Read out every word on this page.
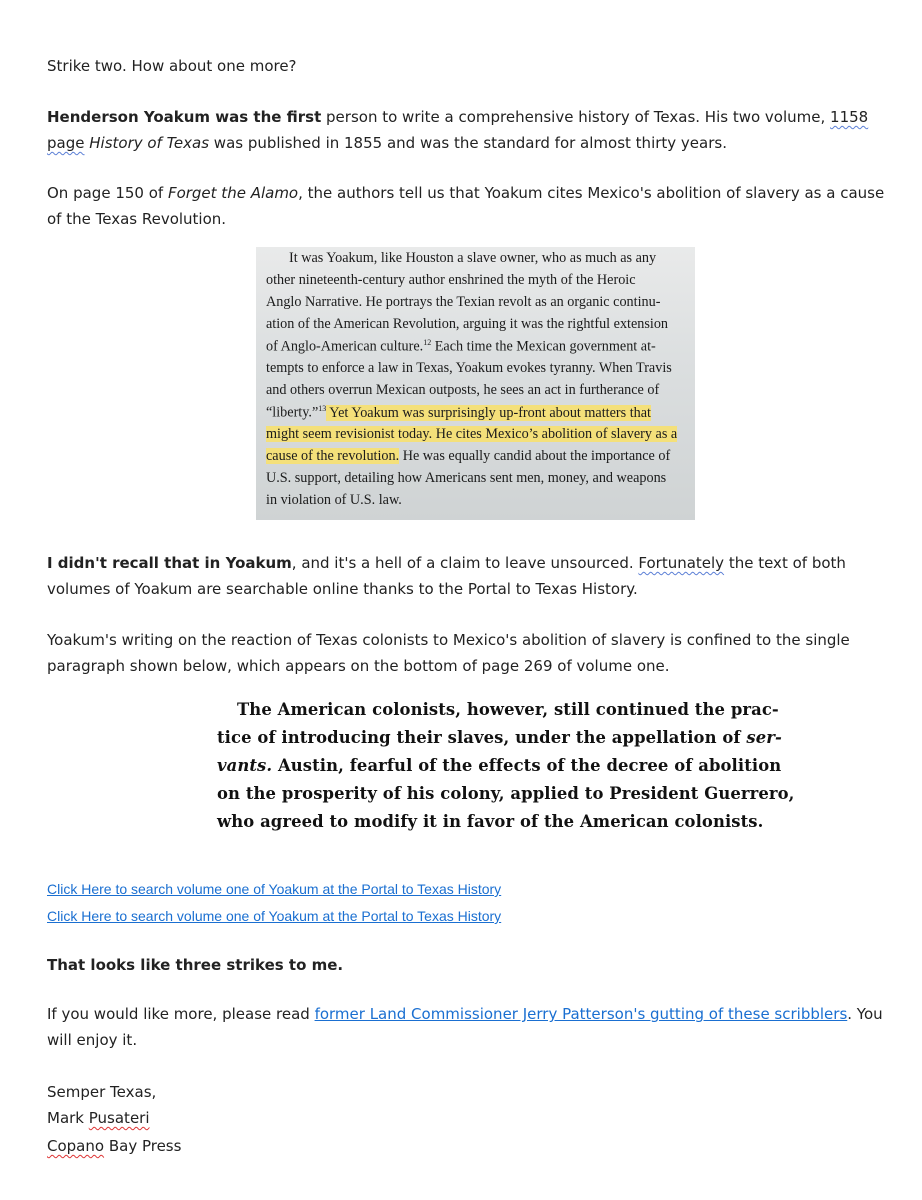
Strike two. How about one more?

Henderson Yoakum was the first person to write a comprehensive history of Texas. His two volume, 1158 page History of Texas was published in 1855 and was the standard for almost thirty years.

On page 150 of Forget the Alamo, the authors tell us that Yoakum cites Mexico's abolition of slavery as a cause of the Texas Revolution.

It was Yoakum, like Houston a slave owner, who as much as any
other nineteenth-century author enshrined the myth of the Heroic
Anglo Narrative. He portrays the Texian revolt as an organic continu-
ation of the American Revolution, arguing it was the rightful extension
of Anglo-American culture.$^{12}$ Each time the Mexican government at-
tempts to enforce a law in Texas, Yoakum evokes tyranny. When Travis
and others overrun Mexican outposts, he sees an act in furtherance of
“liberty.”$^{13}$ Yet Yoakum was surprisingly up-front about matters that
might seem revisionist today. He cites Mexico’s abolition of slavery as a
cause of the revolution. He was equally candid about the importance of
U.S. support, detailing how Americans sent men, money, and weapons
in violation of U.S. law.

I didn't recall that in Yoakum, and it's a hell of a claim to leave unsourced. Fortunately the text of both volumes of Yoakum are searchable online thanks to the Portal to Texas History.

Yoakum's writing on the reaction of Texas colonists to Mexico's abolition of slavery is confined to the single paragraph shown below, which appears on the bottom of page 269 of volume one.

The American colonists, however, still continued the prac-
tice of introducing their slaves, under the appellation of ser-
vants. Austin, fearful of the effects of the decree of abolition
on the prosperity of his colony, applied to President Guerrero,
who agreed to modify it in favor of the American colonists.
Click Here to search volume one of Yoakum at the Portal to Texas History
Click Here to search volume one of Yoakum at the Portal to Texas History

That looks like three strikes to me.

If you would like more, please read former Land Commissioner Jerry Patterson's gutting of these scribblers. You will enjoy it.

Semper Texas,

Mark Pusateri

Copano Bay Press
